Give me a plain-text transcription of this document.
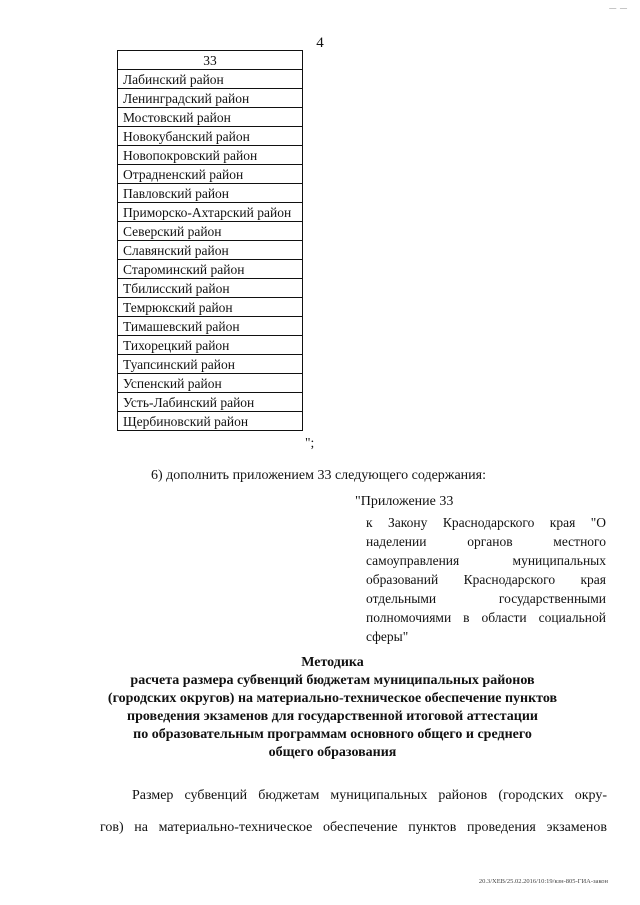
— —
4
33
Лабинский район
Ленинградский район
Мостовский район
Новокубанский район
Новопокровский район
Отрадненский район
Павловский район
Приморско-Ахтарский район
Северский район
Славянский район
Староминский район
Тбилисский район
Темрюкский район
Тимашевский район
Тихорецкий район
Туапсинский район
Успенский район
Усть-Лабинский район
Щербиновский район
";
6) дополнить приложением 33 следующего содержания:
"Приложение 33
к Закону Краснодарского края "О наделении органов местного самоуправления муниципальных образований Краснодарского края отдельными государственными полномочиями в области социальной сферы"
Методика
расчета размера субвенций бюджетам муниципальных районов
(городских округов) на материально-техническое обеспечение пунктов
проведения экзаменов для государственной итоговой аттестации
по образовательным программам основного общего и среднего
общего образования
Размер субвенций бюджетам муниципальных районов (городских окру-
гов) на материально-техническое обеспечение пунктов проведения экзаменов
20.3/ХЕВ/25.02.2016/10:19/кзн-805-ГИА-закон
